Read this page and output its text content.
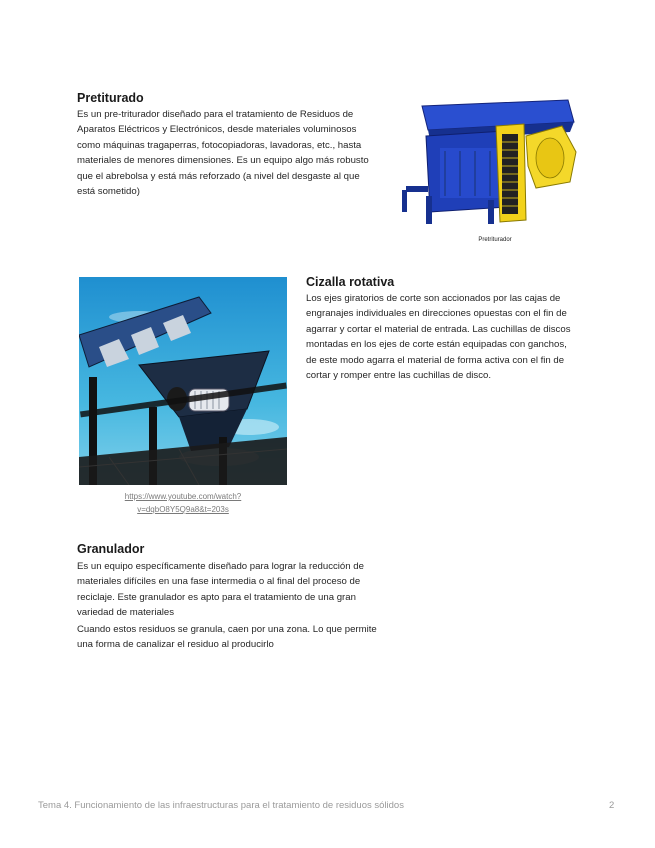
Pretiturado

Es un pre-triturador diseñado para el tratamiento de Residuos de

Aparatos Eléctricos y Electrónicos, desde materiales voluminosos

como máquinas tragaperras, fotocopiadoras, lavadoras, etc., hasta

materiales de menores dimensiones. Es un equipo algo más robusto

que el abrebolsa y está más reforzado (a nivel del desgaste al que

está sometido)

Pretriturador
https://www.youtube.com/watch?
v=dqbO8Y5Q9a8&t=203s
Cizalla rotativa

Los ejes giratorios de corte son accionados por las cajas de

engranajes individuales en direcciones opuestas con el fin de

agarrar y cortar el material de entrada. Las cuchillas de discos

montadas en los ejes de corte están equipadas con ganchos,

de este modo agarra el material de forma activa con el fin de

cortar y romper entre las cuchillas de disco.

Granulador

Es un equipo específicamente diseñado para lograr la reducción de

materiales difíciles en una fase intermedia o al final del proceso de

reciclaje. Este granulador es apto para el tratamiento de una gran

variedad de materiales

Cuando estos residuos se granula, caen por una zona. Lo que permite

una forma de canalizar el residuo al producirlo

Tema 4. Funcionamiento de las infraestructuras para el tratamiento de residuos sólidos	2
